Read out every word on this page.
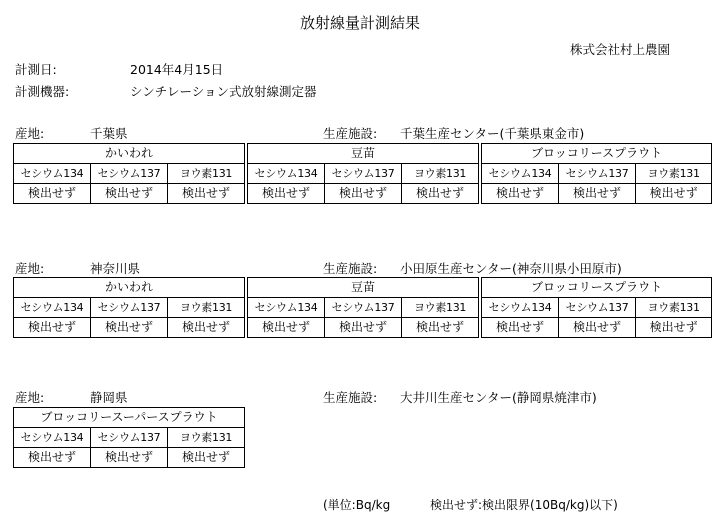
放射線量計測結果
株式会社村上農園
計測日:	2014年4月15日
計測機器:	シンチレーション式放射線測定器
産地:	千葉県	生産施設: 千葉生産センター(千葉県東金市)
かいわれ				豆苗				ブロッコリースプラウト		
セシウム134	セシウム137	ヨウ素131		セシウム134	セシウム137	ヨウ素131		セシウム134	セシウム137	ヨウ素131
検出せず	検出せず	検出せず		検出せず	検出せず	検出せず		検出せず	検出せず	検出せず
産地:	神奈川県	生産施設: 小田原生産センター(神奈川県小田原市)
かいわれ				豆苗				ブロッコリースプラウト		
セシウム134	セシウム137	ヨウ素131		セシウム134	セシウム137	ヨウ素131		セシウム134	セシウム137	ヨウ素131
検出せず	検出せず	検出せず		検出せず	検出せず	検出せず		検出せず	検出せず	検出せず
産地:	静岡県	生産施設: 大井川生産センター(静岡県焼津市)
ブロッコリースーパースプラウト		
セシウム134	セシウム137	ヨウ素131
検出せず	検出せず	検出せず
(単位:Bq/kg	検出せず:検出限界(10Bq/kg)以下)
